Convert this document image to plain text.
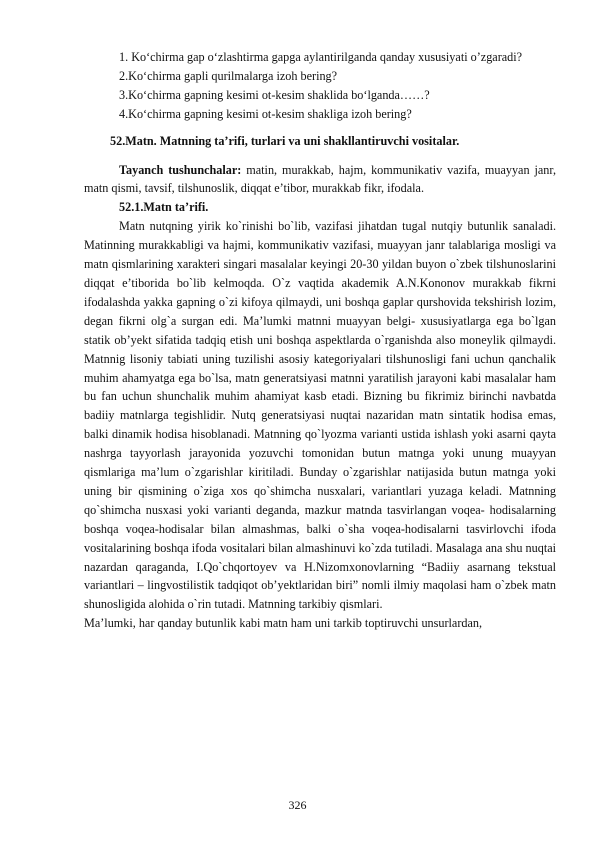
1. Ko‘chirma gap o‘zlashtirma gapga aylantirilganda qanday xususiyati o’zgaradi?

2.Ko‘chirma gapli qurilmalarga izoh bering?

3.Ko‘chirma gapning kesimi ot-kesim shaklida bo‘lganda……?

4.Ko‘chirma gapning kesimi ot-kesim shakliga izoh bering?

52.Matn. Matnning ta’rifi, turlari va uni shakllantiruvchi vositalar.

Tayanch tushunchalar: matin, murakkab, hajm, kommunikativ vazifa, muayyan janr, matn qismi, tavsif, tilshunoslik, diqqat e’tibor, murakkab fikr, ifodala.

52.1.Matn ta’rifi.

Matn nutqning yirik ko`rinishi bo`lib, vazifasi jihatdan tugal nutqiy butunlik sanaladi. Matinning murakkabligi va hajmi, kommunikativ vazifasi, muayyan janr talablariga mosligi va matn qismlarining xarakteri singari masalalar keyingi 20-30 yildan buyon o`zbek tilshunoslarini diqqat e’tiborida bo`lib kelmoqda. O`z vaqtida akademik A.N.Kononov murakkab fikrni ifodalashda yakka gapning o`zi kifoya qilmaydi, uni boshqa gaplar qurshovida tekshirish lozim, degan fikrni olg`a surgan edi. Ma’lumki matnni muayyan belgi- xususiyatlarga ega bo`lgan statik ob’yekt sifatida tadqiq etish uni boshqa aspektlarda o`rganishda also moneylik qilmaydi. Matnnig lisoniy tabiati uning tuzilishi asosiy kategoriyalari tilshunosligi fani uchun qanchalik muhim ahamyatga ega bo`lsa, matn generatsiyasi matnni yaratilish jarayoni kabi masalalar ham bu fan uchun shunchalik muhim ahamiyat kasb etadi. Bizning bu fikrimiz birinchi navbatda badiiy matnlarga tegishlidir. Nutq generatsiyasi nuqtai nazaridan matn sintatik hodisa emas, balki dinamik hodisa hisoblanadi. Matnning qo`lyozma varianti ustida ishlash yoki asarni qayta nashrga tayyorlash jarayonida yozuvchi tomonidan butun matnga yoki unung muayyan qismlariga ma’lum o`zgarishlar kiritiladi. Bunday o`zgarishlar natijasida butun matnga yoki uning bir qismining o`ziga xos qo`shimcha nusxalari, variantlari yuzaga keladi. Matnning qo`shimcha nusxasi yoki varianti deganda, mazkur matnda tasvirlangan voqea- hodisalarning boshqa voqea-hodisalar bilan almashmas, balki o`sha voqea-hodisalarni tasvirlovchi ifoda vositalarining boshqa ifoda vositalari bilan almashinuvi ko`zda tutiladi. Masalaga ana shu nuqtai nazardan qaraganda, I.Qo`chqortoyev va H.Nizomxonovlarning “Badiiy asarnang tekstual variantlari – lingvostilistik tadqiqot ob’yektlaridan biri” nomli ilmiy maqolasi ham o`zbek matn shunosligida alohida o`rin tutadi. Matnning tarkibiy qismlari.

Ma’lumki, har qanday butunlik kabi matn ham uni tarkib toptiruvchi unsurlardan,

326
